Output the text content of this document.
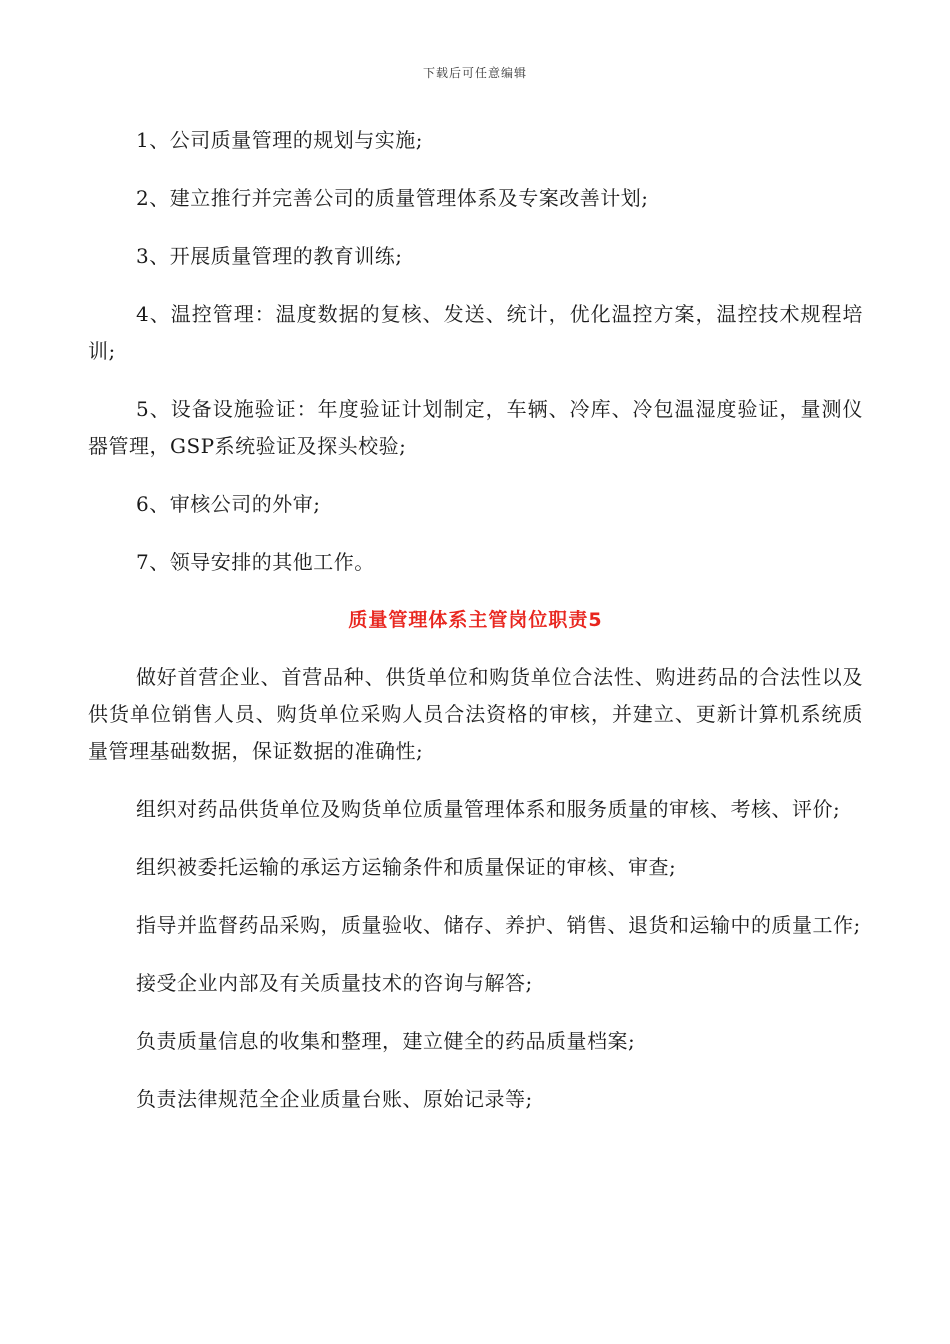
下载后可任意编辑

1、公司质量管理的规划与实施;

2、建立推行并完善公司的质量管理体系及专案改善计划;

3、开展质量管理的教育训练;

4、温控管理：温度数据的复核、发送、统计，优化温控方案，温控技术规程培训;

5、设备设施验证：年度验证计划制定，车辆、冷库、冷包温湿度验证，量测仪器管理，GSP系统验证及探头校验;

6、审核公司的外审;

7、领导安排的其他工作。

质量管理体系主管岗位职责5

做好首营企业、首营品种、供货单位和购货单位合法性、购进药品的合法性以及供货单位销售人员、购货单位采购人员合法资格的审核，并建立、更新计算机系统质量管理基础数据，保证数据的准确性;

组织对药品供货单位及购货单位质量管理体系和服务质量的审核、考核、评价;

组织被委托运输的承运方运输条件和质量保证的审核、审查;

指导并监督药品采购，质量验收、储存、养护、销售、退货和运输中的质量工作;

接受企业内部及有关质量技术的咨询与解答;

负责质量信息的收集和整理，建立健全的药品质量档案;

负责法律规范全企业质量台账、原始记录等;
